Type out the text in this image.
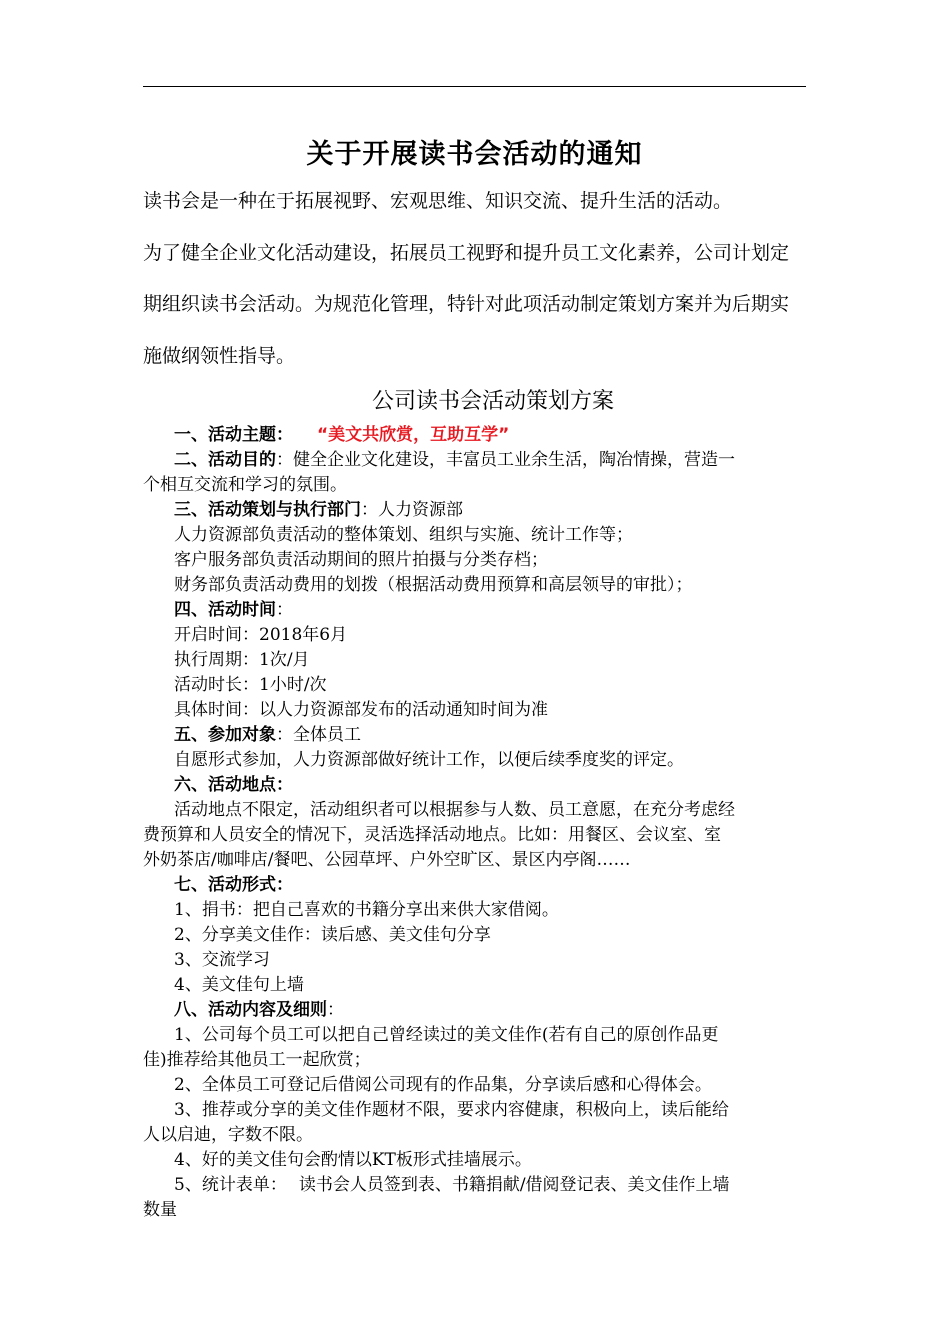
关于开展读书会活动的通知
读书会是一种在于拓展视野、宏观思维、知识交流、提升生活的活动。
为了健全企业文化活动建设，拓展员工视野和提升员工文化素养，公司计划定
期组织读书会活动。为规范化管理，特针对此项活动制定策划方案并为后期实
施做纲领性指导。
公司读书会活动策划方案

一、活动主题： “美文共欣赏，互助互学”

二、活动目的：健全企业文化建设，丰富员工业余生活，陶冶情操，营造一

个相互交流和学习的氛围。

三、活动策划与执行部门：人力资源部

人力资源部负责活动的整体策划、组织与实施、统计工作等；

客户服务部负责活动期间的照片拍摄与分类存档；

财务部负责活动费用的划拨（根据活动费用预算和高层领导的审批）；

四、活动时间：

开启时间：2018年6月

执行周期：1次/月

活动时长：1小时/次

具体时间：以人力资源部发布的活动通知时间为准

五、参加对象：全体员工

自愿形式参加，人力资源部做好统计工作，以便后续季度奖的评定。

六、活动地点：

活动地点不限定，活动组织者可以根据参与人数、员工意愿，在充分考虑经

费预算和人员安全的情况下，灵活选择活动地点。比如：用餐区、会议室、室

外奶茶店/咖啡店/餐吧、公园草坪、户外空旷区、景区内亭阁……

七、活动形式：

1、捐书：把自己喜欢的书籍分享出来供大家借阅。

2、分享美文佳作：读后感、美文佳句分享

3、交流学习

4、美文佳句上墙

八、活动内容及细则：

1、公司每个员工可以把自己曾经读过的美文佳作(若有自己的原创作品更

佳)推荐给其他员工一起欣赏；

2、全体员工可登记后借阅公司现有的作品集，分享读后感和心得体会。

3、推荐或分享的美文佳作题材不限，要求内容健康，积极向上，读后能给

人以启迪，字数不限。

4、好的美文佳句会酌情以KT板形式挂墙展示。

5、统计表单： 读书会人员签到表、书籍捐献/借阅登记表、美文佳作上墙

数量
